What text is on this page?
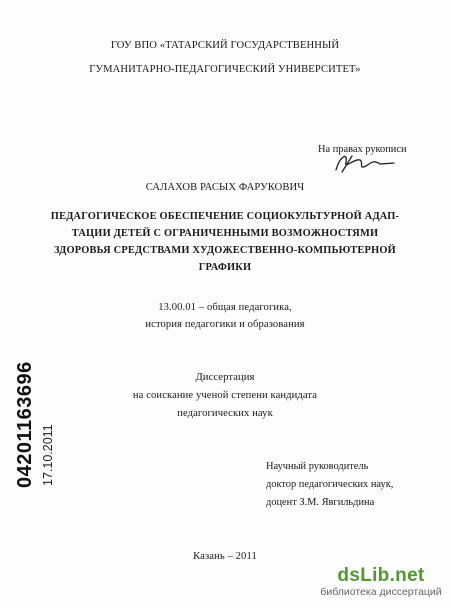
ГОУ ВПО «ТАТАРСКИЙ ГОСУДАРСТВЕННЫЙ
ГУМАНИТАРНО-ПЕДАГОГИЧЕСКИЙ УНИВЕРСИТЕТ»
На правах рукописи
САЛАХОВ РАСЫХ ФАРУКОВИЧ
ПЕДАГОГИЧЕСКОЕ ОБЕСПЕЧЕНИЕ СОЦИОКУЛЬТУРНОЙ АДАП-
ТАЦИИ ДЕТЕЙ С ОГРАНИЧЕННЫМИ ВОЗМОЖНОСТЯМИ
ЗДОРОВЬЯ СРЕДСТВАМИ ХУДОЖЕСТВЕННО-КОМПЬЮТЕРНОЙ
ГРАФИКИ
13.00.01 – общая педагогика,
история педагогики и образования
Диссертация
на соискание ученой степени кандидата
педагогических наук
04201163696 17.10.2011	Научный руководитель
доктор педагогических наук,
доцент З.М. Явгильдина
Казань – 2011
dsLib.net
библиотека диссертаций
